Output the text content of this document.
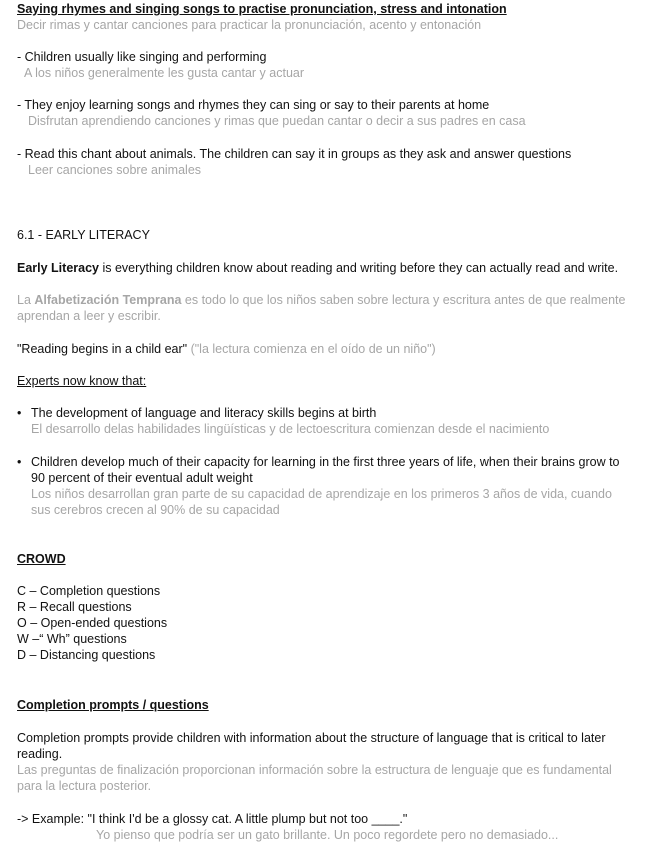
Saying rhymes and singing songs to practise pronunciation, stress and intonation
Decir rimas y cantar canciones para practicar la pronunciación, acento y entonación
- Children usually like singing and performing
A los niños generalmente les gusta cantar y actuar
- They enjoy learning songs and rhymes they can sing or say to their parents at home
Disfrutan aprendiendo canciones y rimas que puedan cantar o decir a sus padres en casa
- Read this chant about animals. The children can say it in groups as they ask and answer questions
Leer canciones sobre animales
6.1 - EARLY LITERACY
Early Literacy is everything children know about reading and writing before they can actually read and write.
La Alfabetización Temprana es todo lo que los niños saben sobre lectura y escritura antes de que realmente aprendan a leer y escribir.
"Reading begins in a child ear" ("la lectura comienza en el oído de un niño")
Experts now know that:
• The development of language and literacy skills begins at birth
El desarrollo delas habilidades lingüísticas y de lectoescritura comienzan desde el nacimiento
• Children develop much of their capacity for learning in the first three years of life, when their brains grow to 90 percent of their eventual adult weight
Los niños desarrollan gran parte de su capacidad de aprendizaje en los primeros 3 años de vida, cuando sus cerebros crecen al 90% de su capacidad
CROWD
C – Completion questions
R – Recall questions
O – Open-ended questions
W –“ Wh” questions
D – Distancing questions
Completion prompts / questions
Completion prompts provide children with information about the structure of language that is critical to later reading.
Las preguntas de finalización proporcionan información sobre la estructura de lenguaje que es fundamental para la lectura posterior.
-> Example: "I think I'd be a glossy cat. A little plump but not too ____."
Yo pienso que podría ser un gato brillante. Un poco regordete pero no demasiado...
